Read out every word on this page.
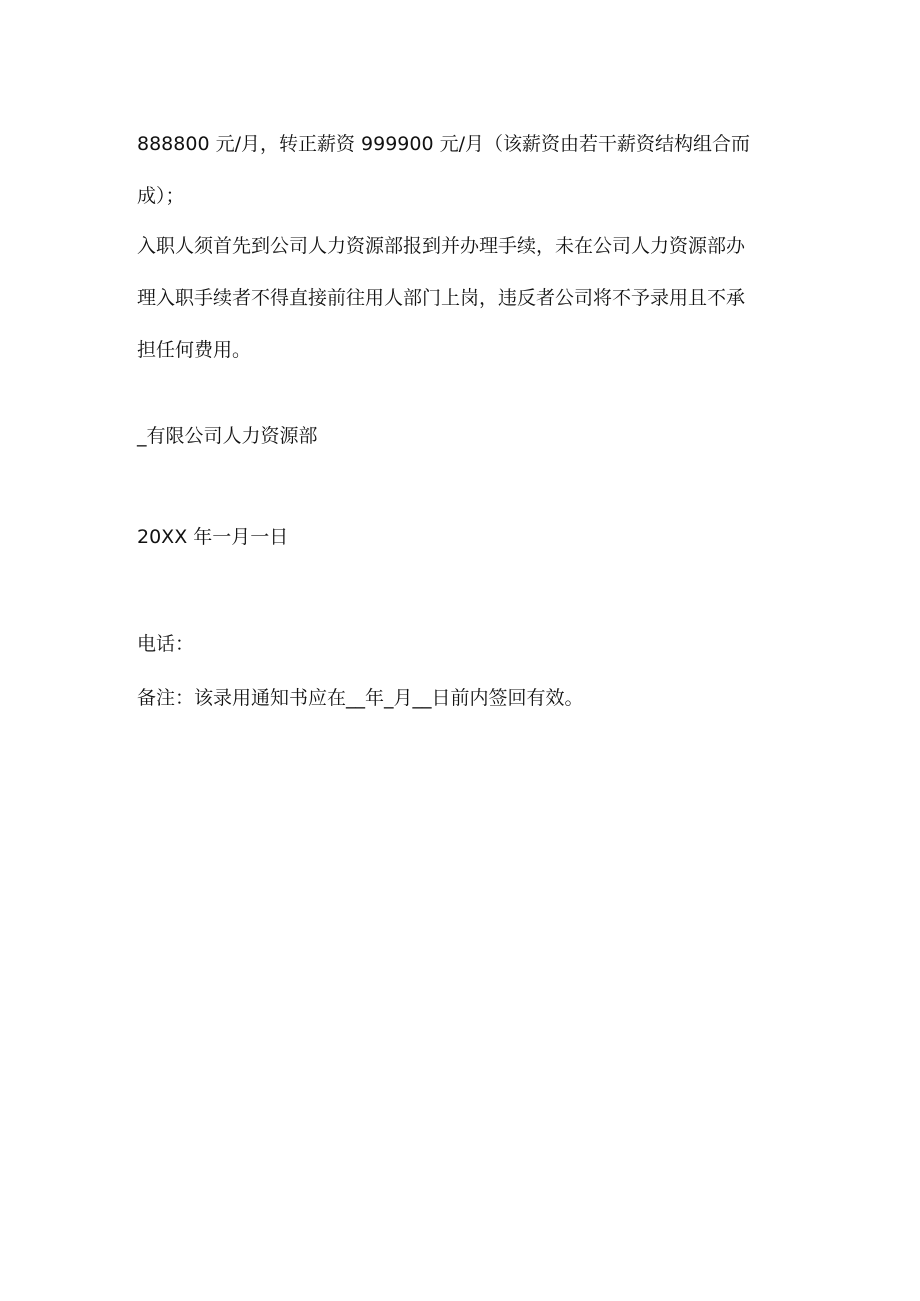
888800 元/月，转正薪资 999900 元/月（该薪资由若干薪资结构组合而
成）；
入职人须首先到公司人力资源部报到并办理手续，未在公司人力资源部办
理入职手续者不得直接前往用人部门上岗，违反者公司将不予录用且不承
担任何费用。
_有限公司人力资源部
20XX 年一月一日
电话：
备注：该录用通知书应在__年_月__日前内签回有效。
